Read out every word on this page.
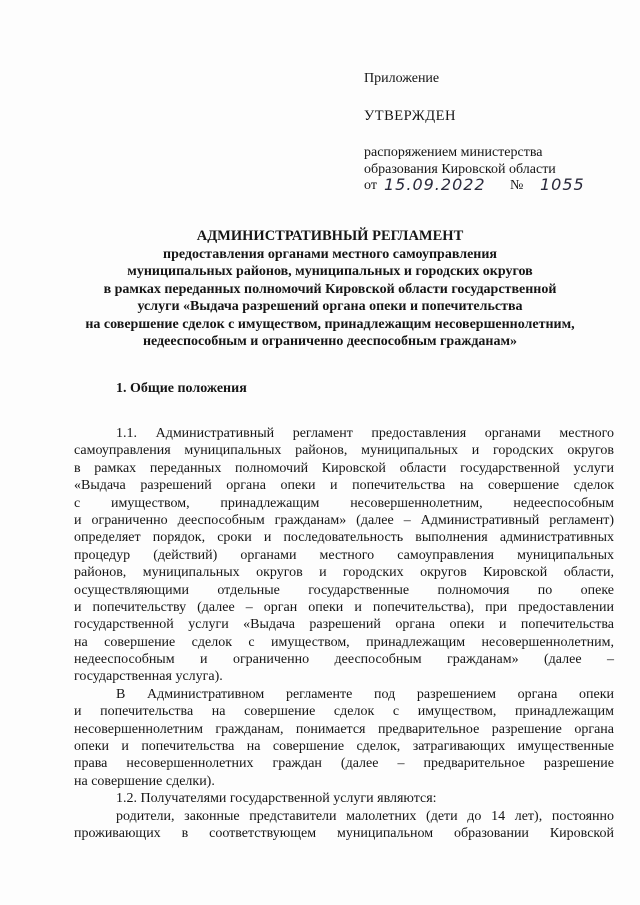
Приложение
УТВЕРЖДЕН
распоряжением министерства
образования Кировской области
от 15.09.2022 № 1055
АДМИНИСТРАТИВНЫЙ РЕГЛАМЕНТ
предоставления органами местного самоуправления
муниципальных районов, муниципальных и городских округов
в рамках переданных полномочий Кировской области государственной
услуги «Выдача разрешений органа опеки и попечительства
на совершение сделок с имуществом, принадлежащим несовершеннолетним,
недееспособным и ограниченно дееспособным гражданам»
1. Общие положения
1.1. Административный регламент предоставления органами местного
самоуправления муниципальных районов, муниципальных и городских округов
в рамках переданных полномочий Кировской области государственной услуги
«Выдача разрешений органа опеки и попечительства на совершение сделок
с имуществом, принадлежащим несовершеннолетним, недееспособным
и ограниченно дееспособным гражданам» (далее – Административный регламент)
определяет порядок, сроки и последовательность выполнения административных
процедур (действий) органами местного самоуправления муниципальных
районов, муниципальных округов и городских округов Кировской области,
осуществляющими отдельные государственные полномочия по опеке
и попечительству (далее – орган опеки и попечительства), при предоставлении
государственной услуги «Выдача разрешений органа опеки и попечительства
на совершение сделок с имуществом, принадлежащим несовершеннолетним,
недееспособным и ограниченно дееспособным гражданам» (далее –
государственная услуга).
В Административном регламенте под разрешением органа опеки
и попечительства на совершение сделок с имуществом, принадлежащим
несовершеннолетним гражданам, понимается предварительное разрешение органа
опеки и попечительства на совершение сделок, затрагивающих имущественные
права несовершеннолетних граждан (далее – предварительное разрешение
на совершение сделки).
1.2. Получателями государственной услуги являются:
родители, законные представители малолетних (дети до 14 лет), постоянно
проживающих в соответствующем муниципальном образовании Кировской
